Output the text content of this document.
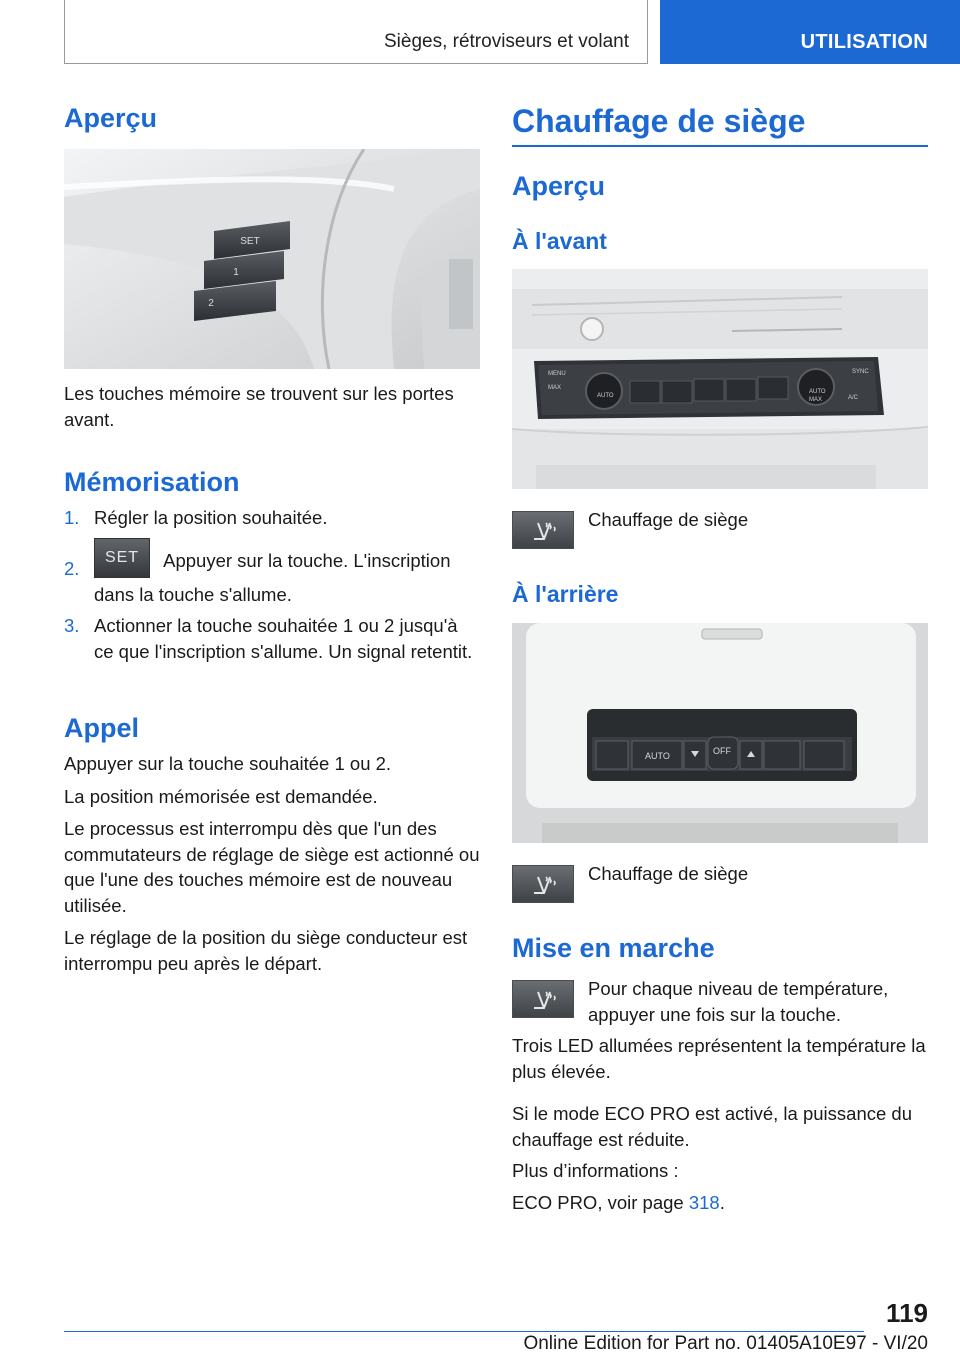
Sièges, rétroviseurs et volant	UTILISATION
Aperçu
SET
1
2
Les touches mémoire se trouvent sur les portes avant.
Mémorisation
1. Régler la position souhaitée.
2.
SET Appuyer sur la touche. L'inscription dans la touche s'allume.
3. Actionner la touche souhaitée 1 ou 2 jusqu'à ce que l'inscription s'allume. Un signal retentit.
Appel
Appuyer sur la touche souhaitée 1 ou 2.
La position mémorisée est demandée.
Le processus est interrompu dès que l'un des commutateurs de réglage de siège est actionné ou que l'une des touches mémoire est de nouveau utilisée.
Le réglage de la position du siège conducteur est interrompu peu après le départ.
Chauffage de siège
Aperçu
À l'avant
MENU
MAX
AUTO
AUTO
MAX
SYNC
A/C
Chauffage de siège
À l'arrière
AUTO	OFF
Chauffage de siège
Mise en marche
Pour chaque niveau de température, appuyer une fois sur la touche.
Trois LED allumées représentent la température la plus élevée.
Si le mode ECO PRO est activé, la puissance du chauffage est réduite.
Plus d’informations :
ECO PRO, voir page 318.
119
Online Edition for Part no. 01405A10E97 - VI/20
